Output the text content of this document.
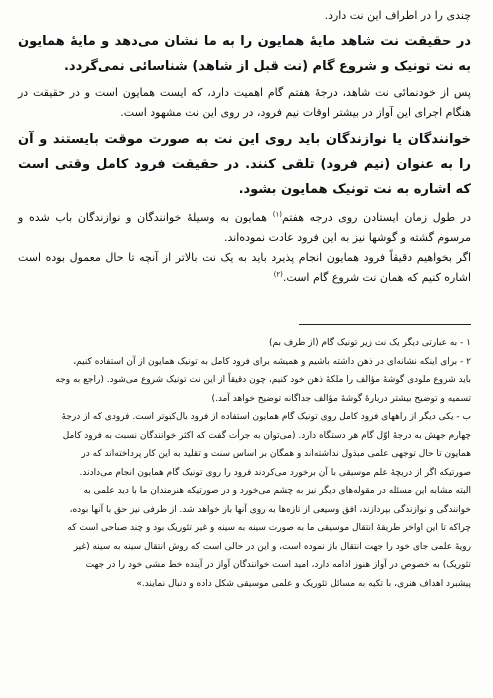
چندی را در اطراف این نت دارد.

در حقیقت نت شاهد مایهٔ همایون را به ما نشان می‌دهد و مایهٔ همایون به نت تونیک و شروع گام (نت قبل از شاهد) شناسائی نمی‌گردد.

پس از خودنمائی نت شاهد، درجهٔ هفتم گام اهمیت دارد، که ایست همایون است و در حقیقت در هنگام اجرای این آواز در بیشتر اوقات نیم فرود، در روی این نت مشهود است.

خوانندگان یا نوازندگان باید روی این نت به صورت موقت بایستند و آن را به عنوان (نیم فرود) تلقی کنند. در حقیقت فرود کامل وقتی است که اشاره به نت تونیک همایون بشود.

در طول زمان ایستادن روی درجه هفتم$^{(۱)}$ همایون به وسیلهٔ خوانندگان و نوازندگان باب شده و مرسوم گشته و گوشها نیز به این فرود عادت نموده‌اند.

اگر بخواهیم دقیقاً فرود همایون انجام پذیرد باید به یک نت بالاتر از آنچه تا حال معمول بوده است اشاره کنیم که همان نت شروع گام است.$^{(۲)}$

۱ - به عبارتی دیگر یک نت زیر تونیک گام (از طرف بم)

۲ - برای اینکه نشانه‌ای در ذهن داشته باشیم و همیشه برای فرود کامل به تونیک همایون از آن استفاده کنیم،

باید شروع ملودی گوشهٔ مؤالف را ملکهٔ ذهن خود کنیم، چون دقیقاً از این نت تونیک شروع می‌شود. (راجع به وجه

تسمیه و توضیح بیشتر دربارهٔ گوشهٔ مؤالف جداگانه توضیح خواهد آمد.)

ب - یکی دیگر از راههای فرود کامل روی تونیک گام همایون استفاده از فرود بال‌کبوتر است. فرودی که از درجهٔ

چهارم جهش به درجهٔ اوّل گام هر دستگاه دارد. (می‌توان به جرأت گفت که اکثر خوانندگان نسبت به فرود کامل

همایون تا حال توجهی علمی مبذول نداشته‌اند و همگان بر اساس سنت و تقلید به این کار پرداخته‌اند که در

صورتیکه اگر از دریچهٔ علم موسیقی با آن برخورد می‌کردند فرود را روی تونیک گام همایون انجام می‌دادند.

البته مشابه این مسئله در مقوله‌های دیگر نیز به چشم می‌خورد و در صورتیکه هنرمندان ما با دید علمی به

خوانندگی و نوازندگی بپردازند، افق وسیعی از تازه‌ها به روی آنها باز خواهد شد. از طرفی نیز حق با آنها بوده،

چراکه تا این اواخر طریقهٔ انتقال موسیقی ما به صورت سینه به سینه و غیر تئوریک بود و چند صباحی است که

رویهٔ علمی جای خود را جهت انتقال باز نموده است، و این در حالی است که روش انتقال سینه به سینه (غیر

تئوریک) به خصوص در آواز هنوز ادامه دارد، امید است خوانندگان آواز در آینده خط مشی خود را در جهت

پیشبرد اهداف هنری، با تکیه به مسائل تئوریک و علمی موسیقی شکل داده و دنبال نمایند.»
